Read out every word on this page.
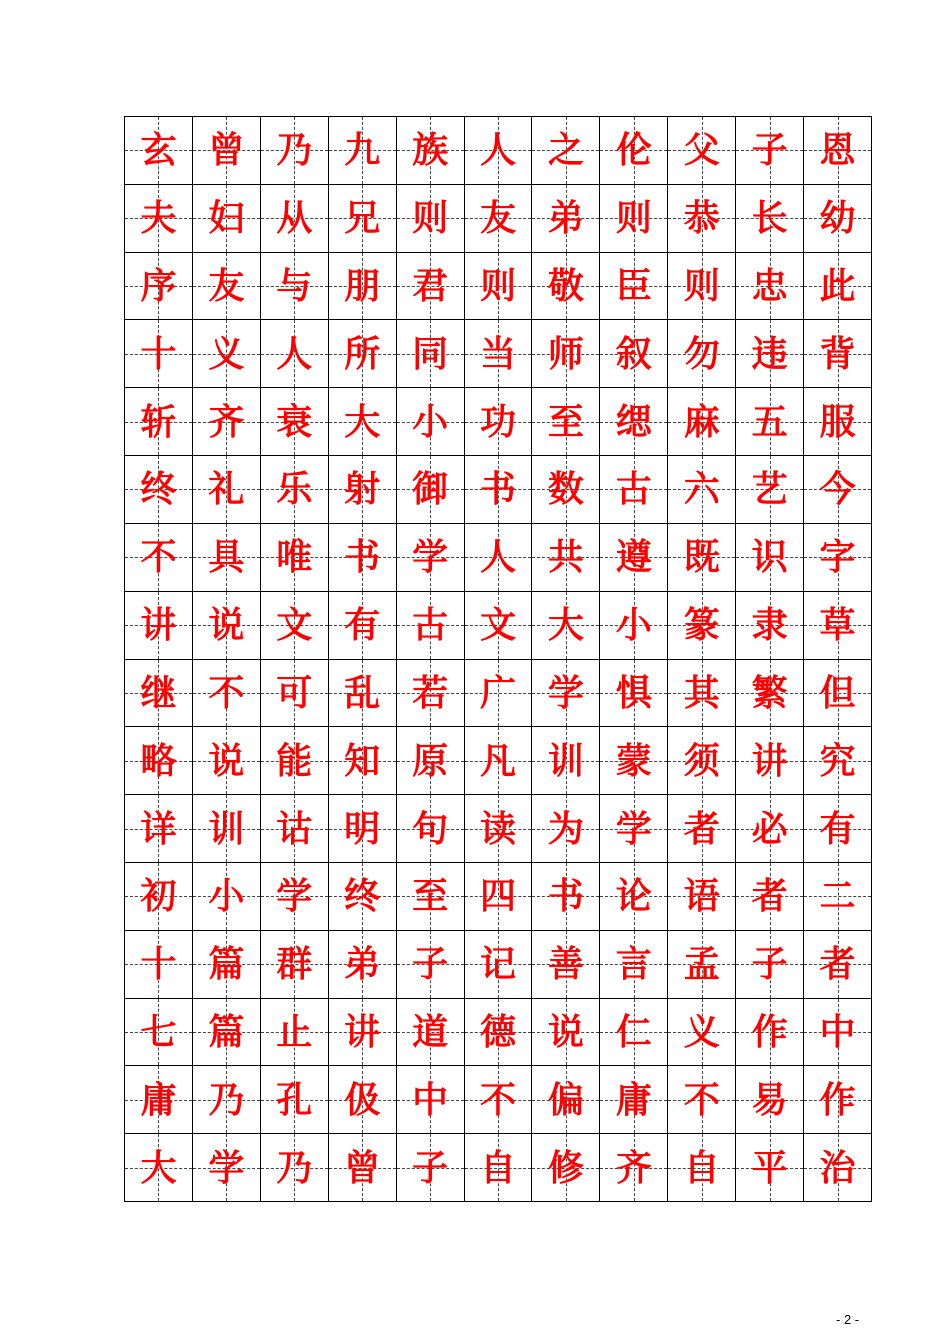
玄 曾 乃 九 族 人 之 伦 父 子 恩
夫 妇 从 兄 则 友 弟 则 恭 长 幼
序 友 与 朋 君 则 敬 臣 则 忠 此
十 义 人 所 同 当 师 叙 勿 违 背
斩 齐 衰 大 小 功 至 缌 麻 五 服
终 礼 乐 射 御 书 数 古 六 艺 今
不 具 唯 书 学 人 共 遵 既 识 字
讲 说 文 有 古 文 大 小 篆 隶 草
继 不 可 乱 若 广 学 惧 其 繁 但
略 说 能 知 原 凡 训 蒙 须 讲 究
详 训 诂 明 句 读 为 学 者 必 有
初 小 学 终 至 四 书 论 语 者 二
十 篇 群 弟 子 记 善 言 孟 子 者
七 篇 止 讲 道 德 说 仁 义 作 中
庸 乃 孔 伋 中 不 偏 庸 不 易 作
大 学 乃 曾 子 自 修 齐 自 平 治
- 2 -
